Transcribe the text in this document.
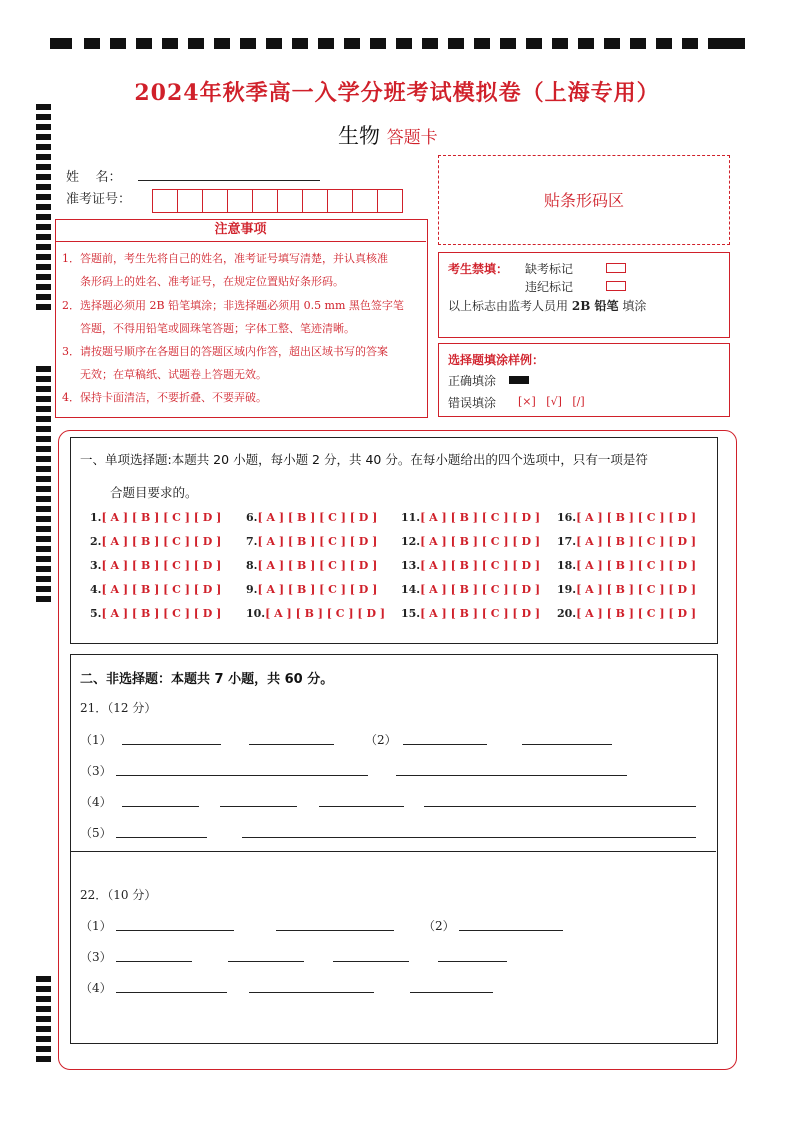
2024年秋季高一入学分班考试模拟卷（上海专用）
生物 答题卡
姓    名：
准考证号：	贴条形码区
注意事项

1．答题前，考生先将自己的姓名，准考证号填写清楚，并认真核准

条形码上的姓名、准考证号，在规定位置贴好条形码。

2．选择题必须用 2B 铅笔填涂；非选择题必须用 0.5 mm 黑色签字笔

答题，不得用铅笔或圆珠笔答题；字体工整、笔迹清晰。

3．请按题号顺序在各题目的答题区域内作答，超出区域书写的答案

无效；在草稿纸、试题卷上答题无效。

4．保持卡面清洁，不要折叠、不要弄破。

考生禁填： 缺考标记
违纪标记
以上标志由监考人员用 2B 铅笔 填涂
选择题填涂样例：
正确填涂
错误填涂 [×]   [√]   [/]
一、单项选择题:本题共 20 小题，每小题 2 分，共 40 分。在每小题给出的四个选项中，只有一项是符
合题目要求的。
1.[ A ] [ B ] [ C ] [ D ]
2.[ A ] [ B ] [ C ] [ D ]
3.[ A ] [ B ] [ C ] [ D ]
4.[ A ] [ B ] [ C ] [ D ]
5.[ A ] [ B ] [ C ] [ D ]
6.[ A ] [ B ] [ C ] [ D ]
7.[ A ] [ B ] [ C ] [ D ]
8.[ A ] [ B ] [ C ] [ D ]
9.[ A ] [ B ] [ C ] [ D ]
10.[ A ] [ B ] [ C ] [ D ]
11.[ A ] [ B ] [ C ] [ D ]
12.[ A ] [ B ] [ C ] [ D ]
13.[ A ] [ B ] [ C ] [ D ]
14.[ A ] [ B ] [ C ] [ D ]
15.[ A ] [ B ] [ C ] [ D ]
16.[ A ] [ B ] [ C ] [ D ]
17.[ A ] [ B ] [ C ] [ D ]
18.[ A ] [ B ] [ C ] [ D ]
19.[ A ] [ B ] [ C ] [ D ]
20.[ A ] [ B ] [ C ] [ D ]
二、非选择题：本题共 7 小题，共 60 分。
21．（12 分）
（1）	（2）
（3）
（4）
（5）
22．（10 分）
（1）	（2）
（3）
（4）
